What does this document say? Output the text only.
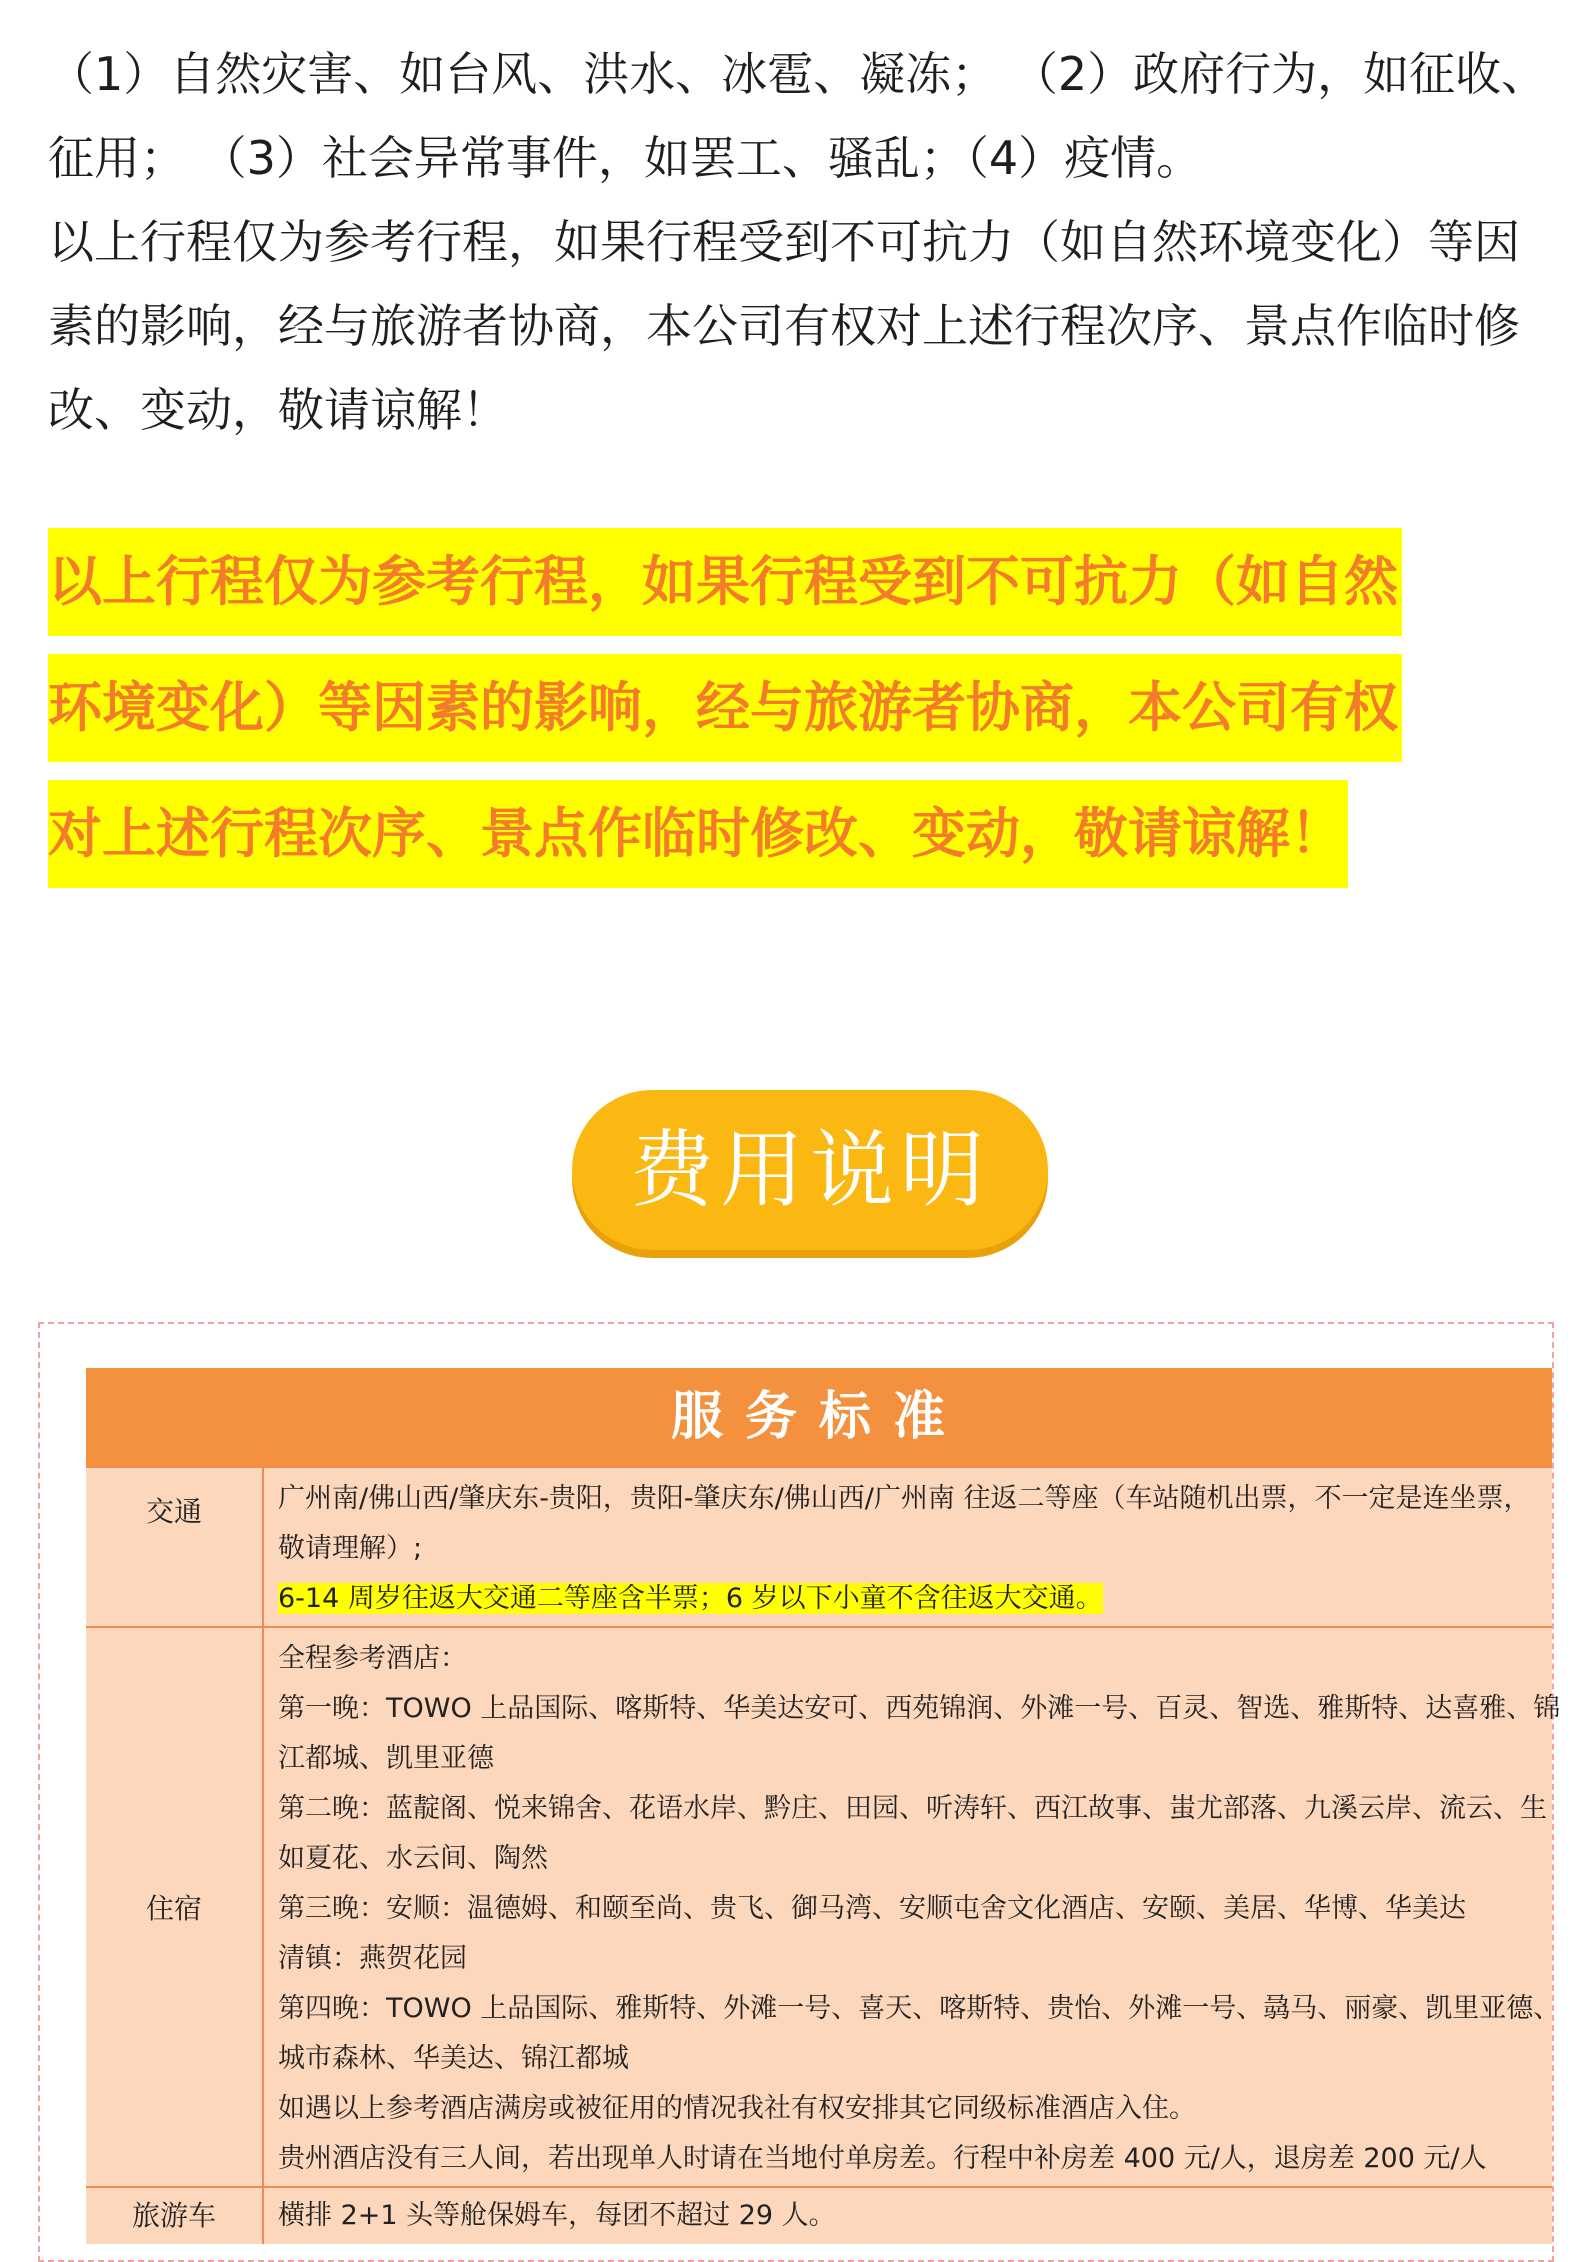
（1）自然灾害、如台风、洪水、冰雹、凝冻； （2）政府行为，如征收、征用； （3）社会异常事件，如罢工、骚乱；（4）疫情。

以上行程仅为参考行程，如果行程受到不可抗力（如自然环境变化）等因素的影响，经与旅游者协商，本公司有权对上述行程次序、景点作临时修改、变动，敬请谅解！

以上行程仅为参考行程，如果行程受到不可抗力（如自然
环境变化）等因素的影响，经与旅游者协商，本公司有权
对上述行程次序、景点作临时修改、变动，敬请谅解！
费用说明
服务标准
交通	广州南/佛山西/肇庆东-贵阳，贵阳-肇庆东/佛山西/广州南 往返二等座（车站随机出票，不一定是连坐票，敬请理解）;
6-14 周岁往返大交通二等座含半票；6 岁以下小童不含往返大交通。
住宿
全程参考酒店：
第一晚：TOWO 上品国际、喀斯特、华美达安可、西苑锦润、外滩一号、百灵、智选、雅斯特、达喜雅、锦
江都城、凯里亚德
第二晚：蓝靛阁、悦来锦舍、花语水岸、黔庄、田园、听涛轩、西江故事、蚩尤部落、九溪云岸、流云、生
如夏花、水云间、陶然
第三晚：安顺：温德姆、和颐至尚、贵飞、御马湾、安顺屯舍文化酒店、安颐、美居、华博、华美达
清镇：燕贺花园
第四晚：TOWO 上品国际、雅斯特、外滩一号、喜天、喀斯特、贵怡、外滩一号、骉马、丽豪、凯里亚德、
城市森林、华美达、锦江都城
如遇以上参考酒店满房或被征用的情况我社有权安排其它同级标准酒店入住。
贵州酒店没有三人间，若出现单人时请在当地付单房差。行程中补房差 400 元/人，退房差 200 元/人
旅游车	横排 2+1 头等舱保姆车，每团不超过 29 人。
